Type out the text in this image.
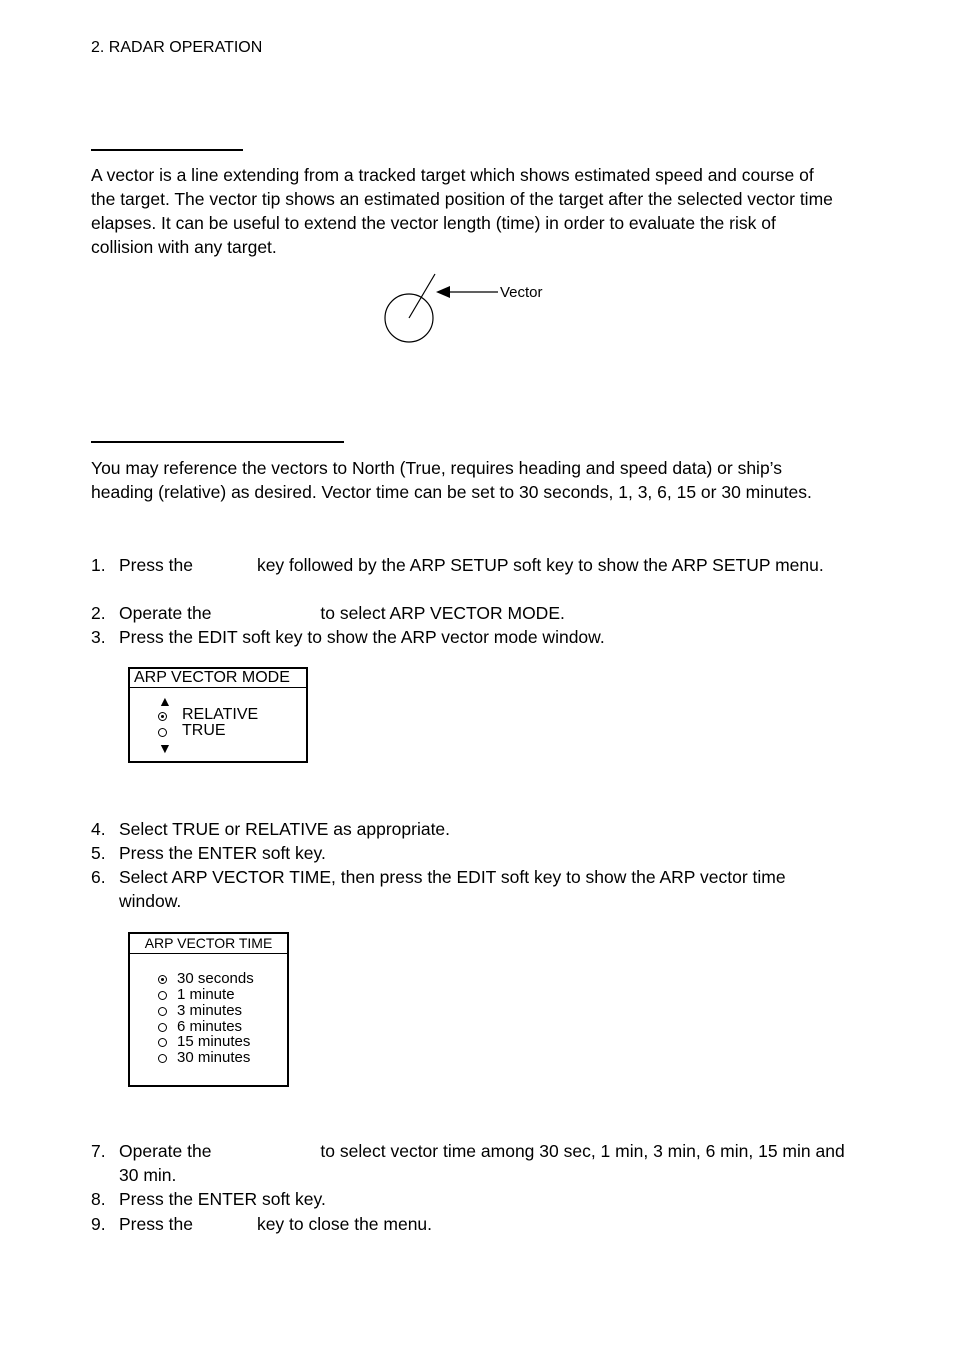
2. RADAR OPERATION

A vector is a line extending from a tracked target which shows estimated speed and course of the target. The vector tip shows an estimated position of the target after the selected vector time elapses. It can be useful to extend the vector length (time) in order to evaluate the risk of collision with any target.

Vector

You may reference the vectors to North (True, requires heading and speed data) or ship’s heading (relative) as desired. Vector time can be set to 30 seconds, 1, 3, 6, 15 or 30 minutes.

1. Press the	key followed by the ARP SETUP soft key to show the ARP SETUP menu.
2. Operate the	to select ARP VECTOR MODE.
3. Press the EDIT soft key to show the ARP vector mode window.
ARP VECTOR MODE
▲
RELATIVE
TRUE
▼
4. Select TRUE or RELATIVE as appropriate.
5. Press the ENTER soft key.
6. Select ARP VECTOR TIME, then press the EDIT soft key to show the ARP vector time window.
ARP VECTOR TIME
30 seconds
1 minute
3 minutes
6 minutes
15 minutes
30 minutes
7. Operate the	to select vector time among 30 sec, 1 min, 3 min, 6 min, 15 min and 30 min.
8. Press the ENTER soft key.
9. Press the	key to close the menu.
